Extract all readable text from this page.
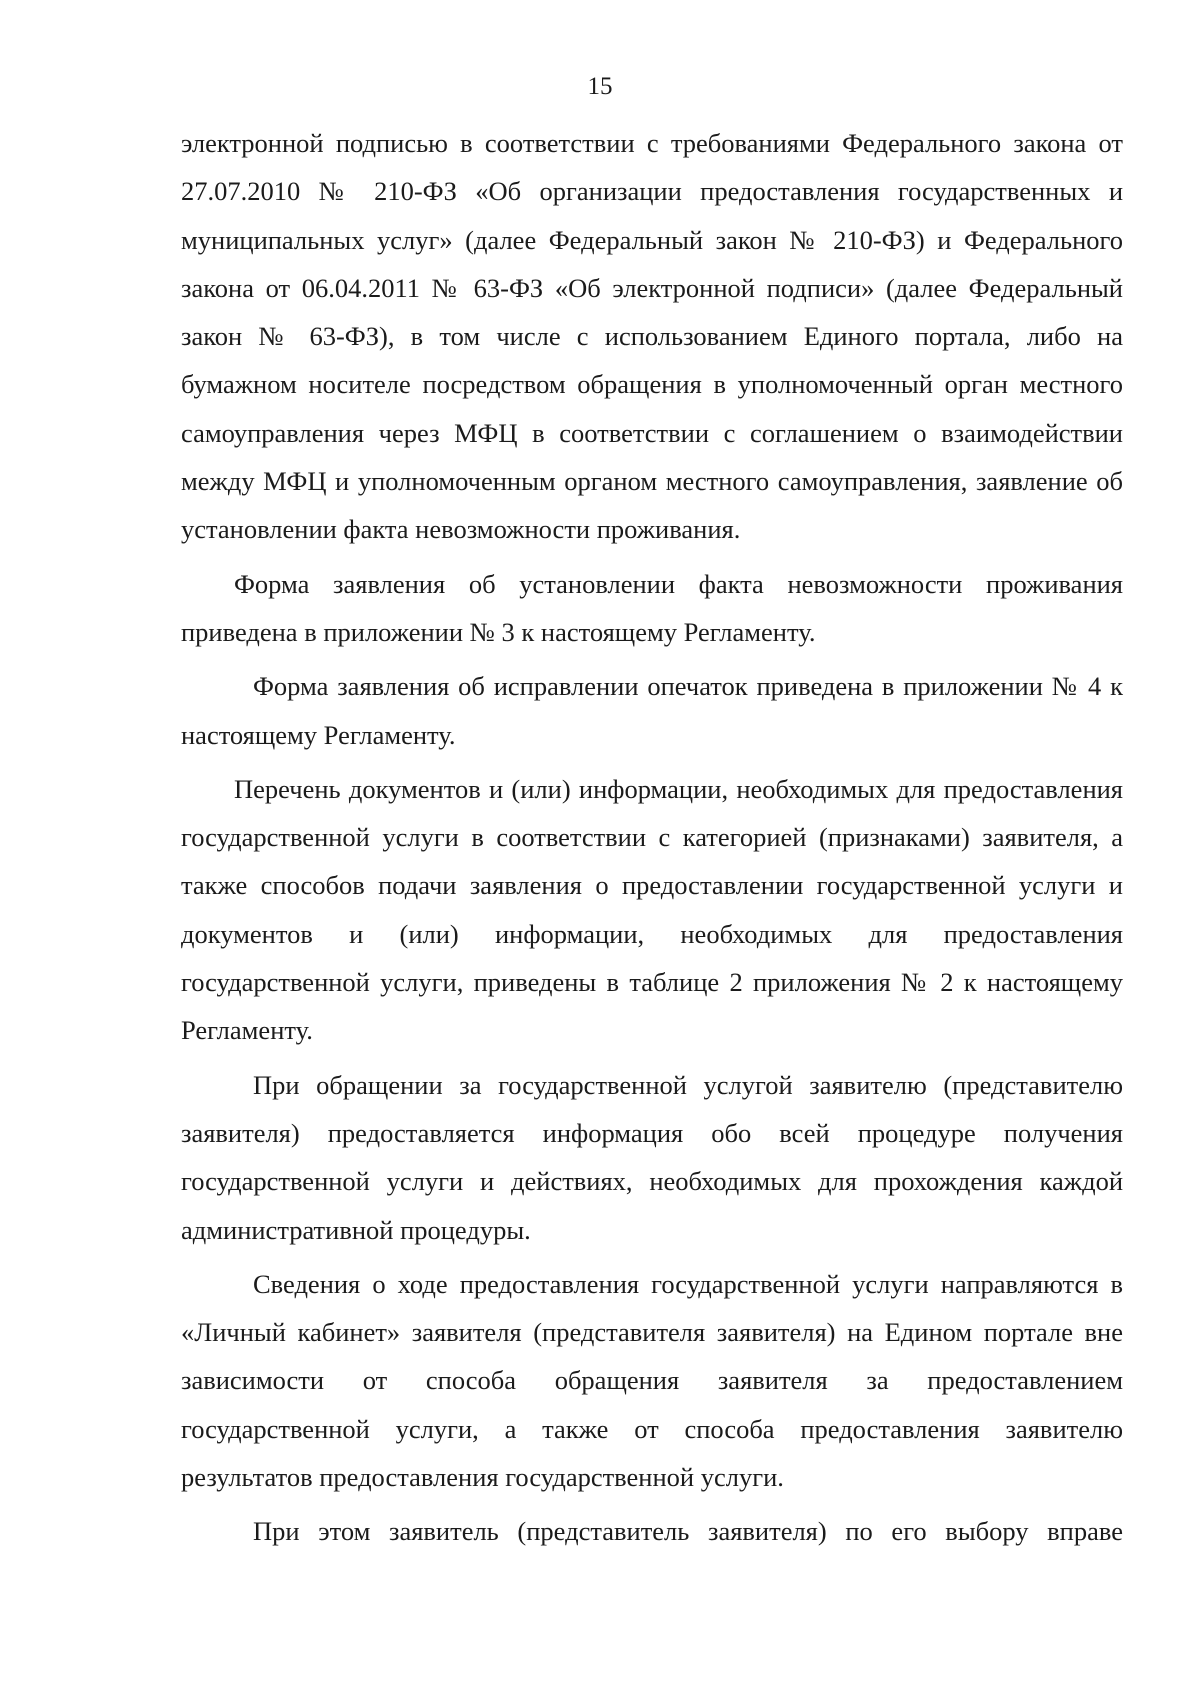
15

электронной подписью в соответствии с требованиями Федерального закона от 27.07.2010 № 210-ФЗ «Об организации предоставления государственных и муниципальных услуг» (далее Федеральный закон № 210-ФЗ) и Федерального закона от 06.04.2011 № 63-ФЗ «Об электронной подписи» (далее Федеральный закон № 63-ФЗ), в том числе с использованием Единого портала, либо на бумажном носителе посредством обращения в уполномоченный орган местного самоуправления через МФЦ в соответствии с соглашением о взаимодействии между МФЦ и уполномоченным органом местного самоуправления, заявление об установлении факта невозможности проживания.

Форма заявления об установлении факта невозможности проживания приведена в приложении № 3 к настоящему Регламенту.

Форма заявления об исправлении опечаток приведена в приложении № 4 к настоящему Регламенту.

Перечень документов и (или) информации, необходимых для предоставления государственной услуги в соответствии с категорией (признаками) заявителя, а также способов подачи заявления о предоставлении государственной услуги и документов и (или) информации, необходимых для предоставления государственной услуги, приведены в таблице 2 приложения № 2 к настоящему Регламенту.

При обращении за государственной услугой заявителю (представителю заявителя) предоставляется информация обо всей процедуре получения государственной услуги и действиях, необходимых для прохождения каждой административной процедуры.

Сведения о ходе предоставления государственной услуги направляются в «Личный кабинет» заявителя (представителя заявителя) на Едином портале вне зависимости от способа обращения заявителя за предоставлением государственной услуги, а также от способа предоставления заявителю результатов предоставления государственной услуги.

При этом заявитель (представитель заявителя) по его выбору вправе
